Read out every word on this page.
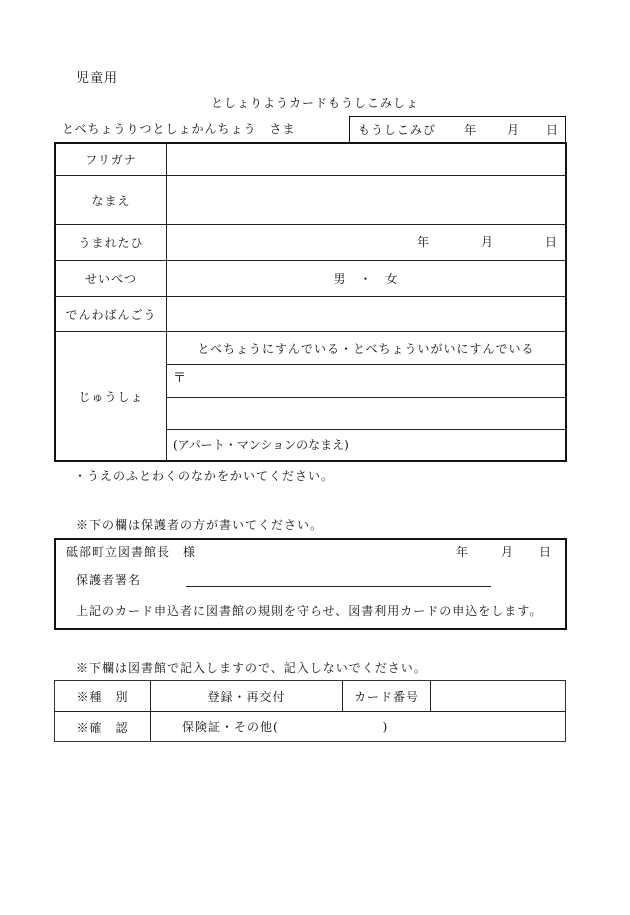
児童用
としょりようカードもうしこみしょ
とべちょうりつとしょかんちょう　さま	もうしこみび 年	月 日
フリガナ
なまえ
うまれたひ	年	月	日
せいべつ	男　・　女
でんわばんごう
じゅうしょ
とべちょうにすんでいる・とべちょういがいにすんでいる
〒
(アパート・マンションのなまえ)
・うえのふとわくのなかをかいてください。
※下の欄は保護者の方が書いてください。
砥部町立図書館長　様	年	月 日
保護者署名
上記のカード申込者に図書館の規則を守らせ、図書利用カードの申込をします。
※下欄は図書館で記入しますので、記入しないでください。
※種　別	登録・再交付	カード番号
※確　認	保険証・その他(　　　　　　　　)
